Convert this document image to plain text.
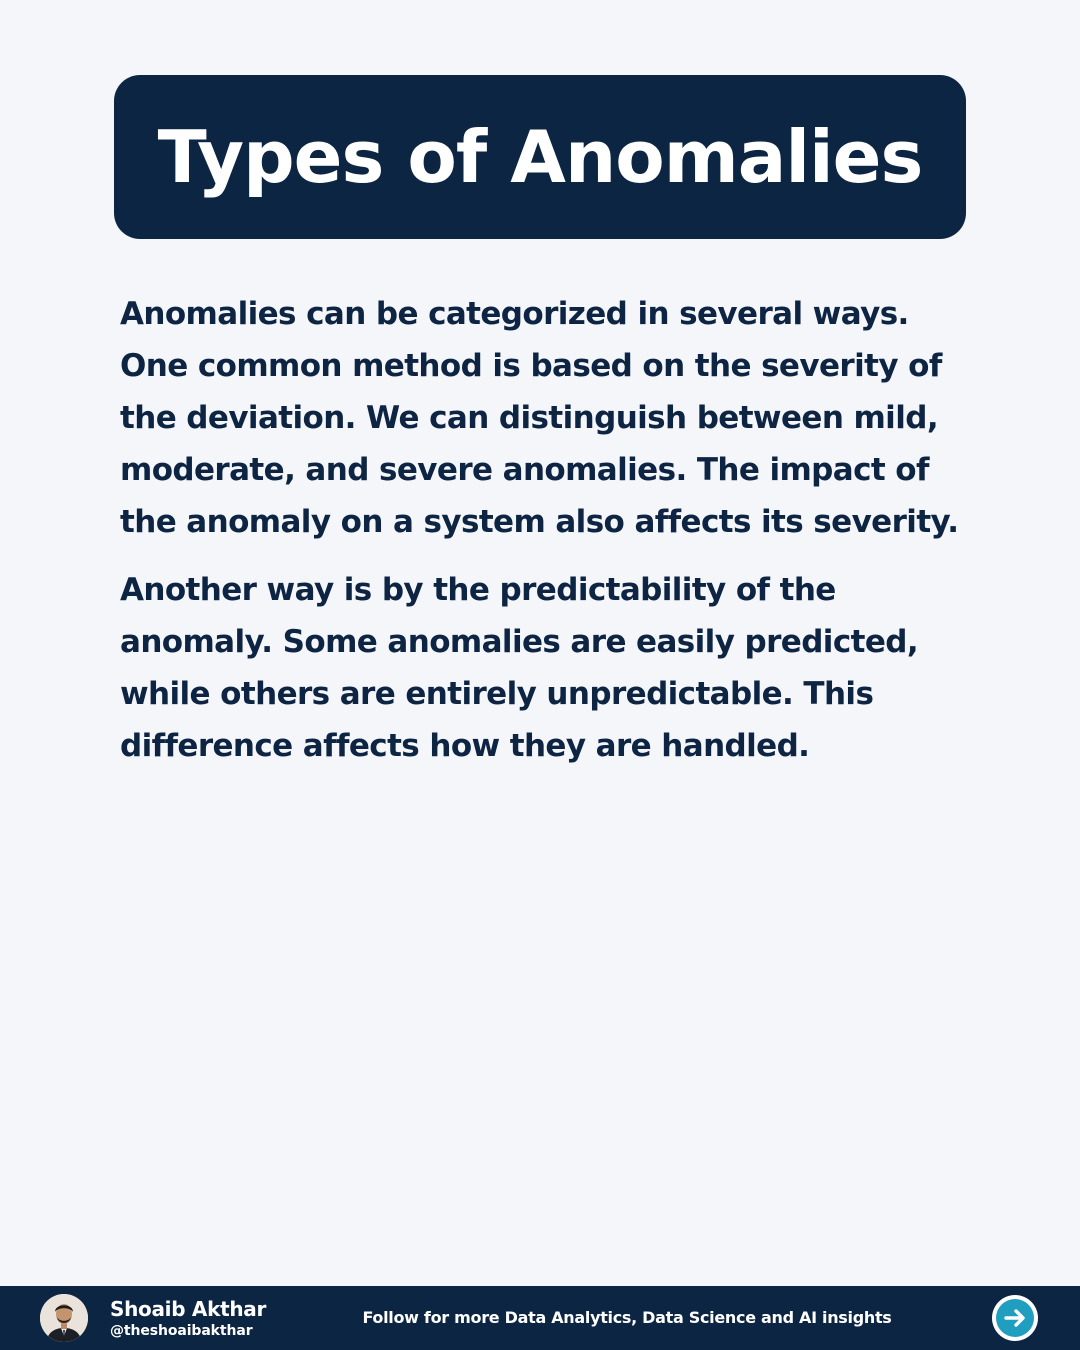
Types of Anomalies

Anomalies can be categorized in several ways. One common method is based on the severity of the deviation. We can distinguish between mild, moderate, and severe anomalies. The impact of the anomaly on a system also affects its severity.

Another way is by the predictability of the anomaly. Some anomalies are easily predicted, while others are entirely unpredictable. This difference affects how they are handled.

Shoaib Akthar
@theshoaibakthar
Follow for more Data Analytics, Data Science and AI insights
